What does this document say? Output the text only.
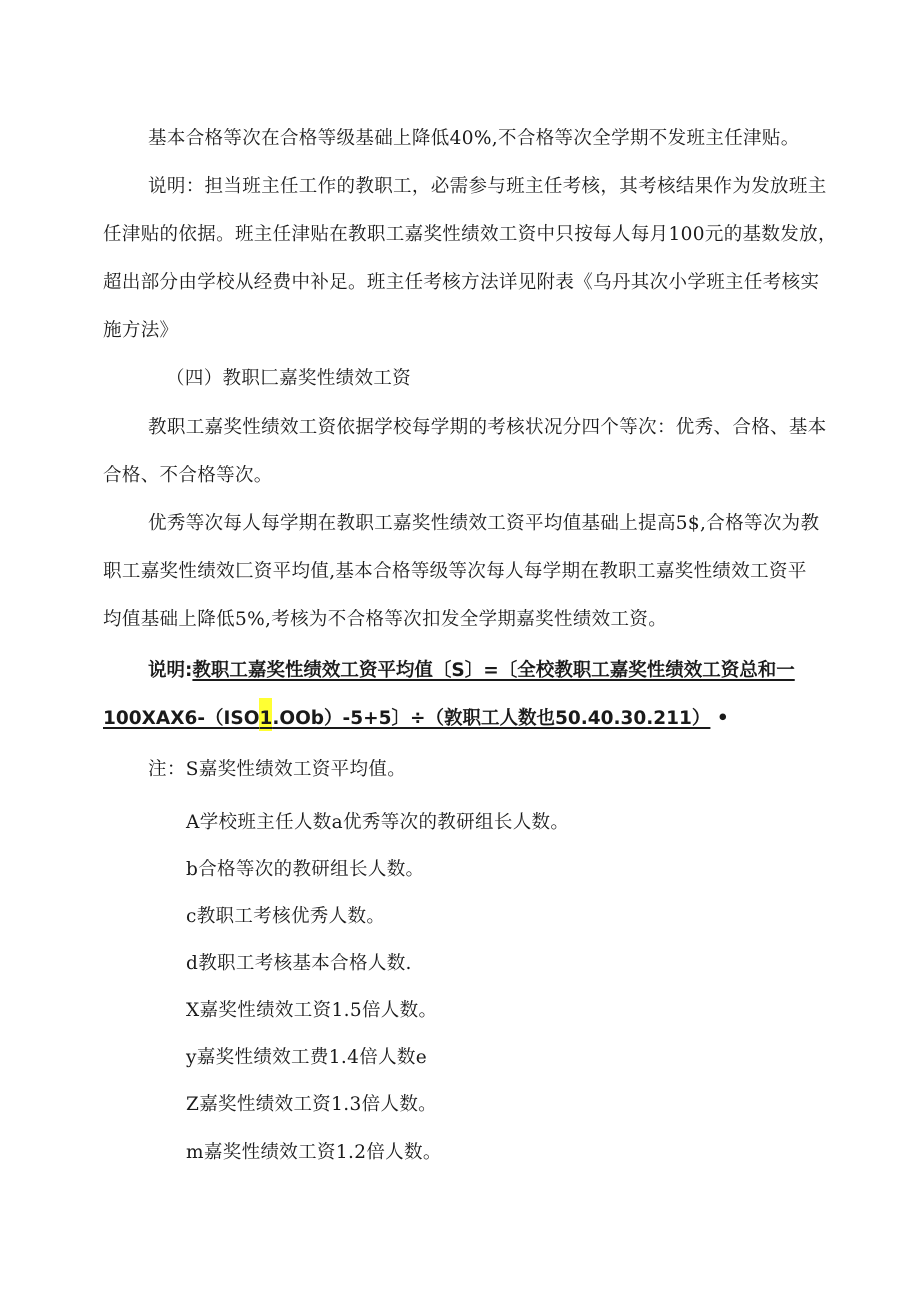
基本合格等次在合格等级基础上降低40%,不合格等次全学期不发班主任津贴。
说明：担当班主任工作的教职工，必需参与班主任考核，其考核结果作为发放班主
任津贴的依据。班主任津贴在教职工嘉奖性绩效工资中只按每人每月100元的基数发放，
超出部分由学校从经费中补足。班主任考核方法详见附表《乌丹其次小学班主任考核实
施方法》
（四）教职匚嘉奖性绩效工资
教职工嘉奖性绩效工资依据学校每学期的考核状况分四个等次：优秀、合格、基本
合格、不合格等次。
优秀等次每人每学期在教职工嘉奖性绩效工资平均值基础上提高5$,合格等次为教
职工嘉奖性绩效匚资平均值,基本合格等级等次每人每学期在教职工嘉奖性绩效工资平
均值基础上降低5%,考核为不合格等次扣发全学期嘉奖性绩效工资。
说明:教职工嘉奖性绩效工资平均值〔S〕=〔全校教职工嘉奖性绩效工资总和一
100XAX6-（ISO1.OOb）-5+5〕÷（敦职工人数也50.40.30.211） •
注：S嘉奖性绩效工资平均值。
A学校班主任人数a优秀等次的教研组长人数。
b合格等次的教研组长人数。
c教职工考核优秀人数。
d教职工考核基本合格人数.
X嘉奖性绩效工资1.5倍人数。
y嘉奖性绩效工费1.4倍人数e
Z嘉奖性绩效工资1.3倍人数。
m嘉奖性绩效工资1.2倍人数。
